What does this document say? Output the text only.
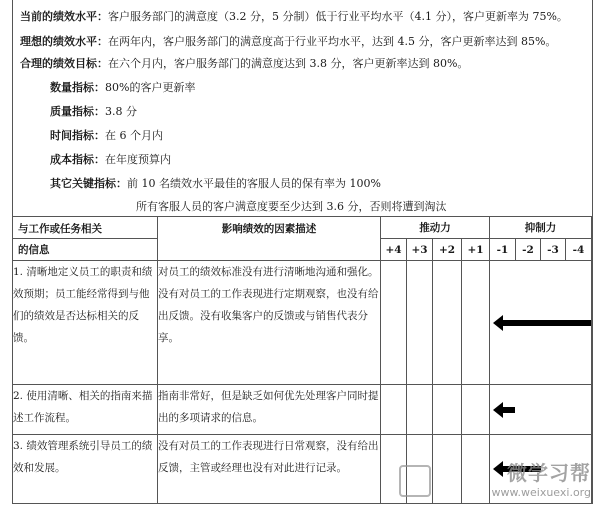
当前的绩效水平：客户服务部门的满意度（3.2 分，5 分制）低于行业平均水平（4.1 分），客户更新率为 75%。
理想的绩效水平：在两年内，客户服务部门的满意度高于行业平均水平，达到 4.5 分，客户更新率达到 85%。
合理的绩效目标：在六个月内，客户服务部门的满意度达到 3.8 分，客户更新率达到 80%。
数量指标：80%的客户更新率
质量指标：3.8 分
时间指标：在 6 个月内
成本指标：在年度预算内
其它关键指标：前 10 名绩效水平最佳的客服人员的保有率为 100%
所有客服人员的客户满意度要至少达到 3.6 分，否则将遭到淘汰
与工作或任务相关	影响绩效的因素描述	推动力				抑制力			
的信息		+4	+3	+2	+1	-1	-2	-3	-4
1. 清晰地定义员工的职责和绩效预期；员工能经常得到与他们的绩效是否达标相关的反馈。	对员工的绩效标准没有进行清晰地沟通和强化。没有对员工的工作表现进行定期观察，也没有给出反馈。没有收集客户的反馈或与销售代表分享。								

2. 使用清晰、相关的指南来描述工作流程。	指南非常好，但是缺乏如何优先处理客户同时提出的多项请求的信息。								

3. 绩效管理系统引导员工的绩效和发展。	没有对员工的工作表现进行日常观察，没有给出反馈，主管或经理也没有对此进行记录。									微学习帮
www.weixuexi.org
